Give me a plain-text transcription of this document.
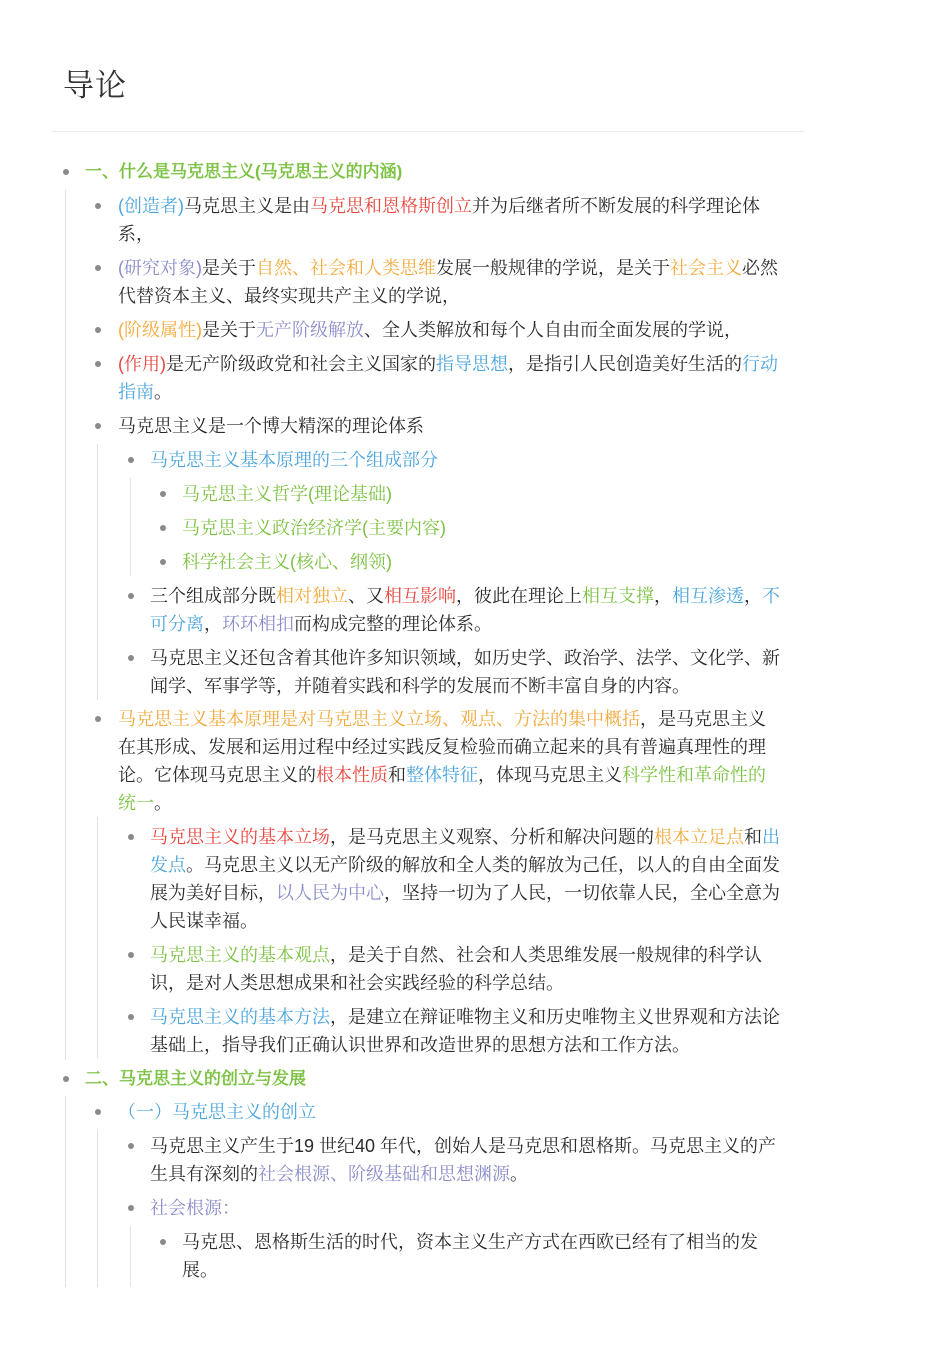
导论
一、什么是马克思主义(马克思主义的内涵)
(创造者)马克思主义是由马克思和恩格斯创立并为后继者所不断发展的科学理论体
系，
(研究对象)是关于自然、社会和人类思维发展一般规律的学说，是关于社会主义必然
代替资本主义、最终实现共产主义的学说，
(阶级属性)是关于无产阶级解放、全人类解放和每个人自由而全面发展的学说，
(作用)是无产阶级政党和社会主义国家的指导思想，是指引人民创造美好生活的行动
指南。
马克思主义是一个博大精深的理论体系
马克思主义基本原理的三个组成部分
马克思主义哲学(理论基础)
马克思主义政治经济学(主要内容)
科学社会主义(核心、纲领)
三个组成部分既相对独立、又相互影响，彼此在理论上相互支撑，相互渗透，不
可分离，环环相扣而构成完整的理论体系。
马克思主义还包含着其他许多知识领域，如历史学、政治学、法学、文化学、新
闻学、军事学等，并随着实践和科学的发展而不断丰富自身的内容。
马克思主义基本原理是对马克思主义立场、观点、方法的集中概括，是马克思主义
在其形成、发展和运用过程中经过实践反复检验而确立起来的具有普遍真理性的理
论。它体现马克思主义的根本性质和整体特征，体现马克思主义科学性和革命性的
统一。
马克思主义的基本立场，是马克思主义观察、分析和解决问题的根本立足点和出
发点。马克思主义以无产阶级的解放和全人类的解放为己任，以人的自由全面发
展为美好目标，以人民为中心，坚持一切为了人民，一切依靠人民，全心全意为
人民谋幸福。
马克思主义的基本观点，是关于自然、社会和人类思维发展一般规律的科学认
识，是对人类思想成果和社会实践经验的科学总结。
马克思主义的基本方法，是建立在辩证唯物主义和历史唯物主义世界观和方法论
基础上，指导我们正确认识世界和改造世界的思想方法和工作方法。
二、马克思主义的创立与发展
（一）马克思主义的创立
马克思主义产生于19 世纪40 年代，创始人是马克思和恩格斯。马克思主义的产
生具有深刻的社会根源、阶级基础和思想渊源。
社会根源：
马克思、恩格斯生活的时代，资本主义生产方式在西欧已经有了相当的发
展。
